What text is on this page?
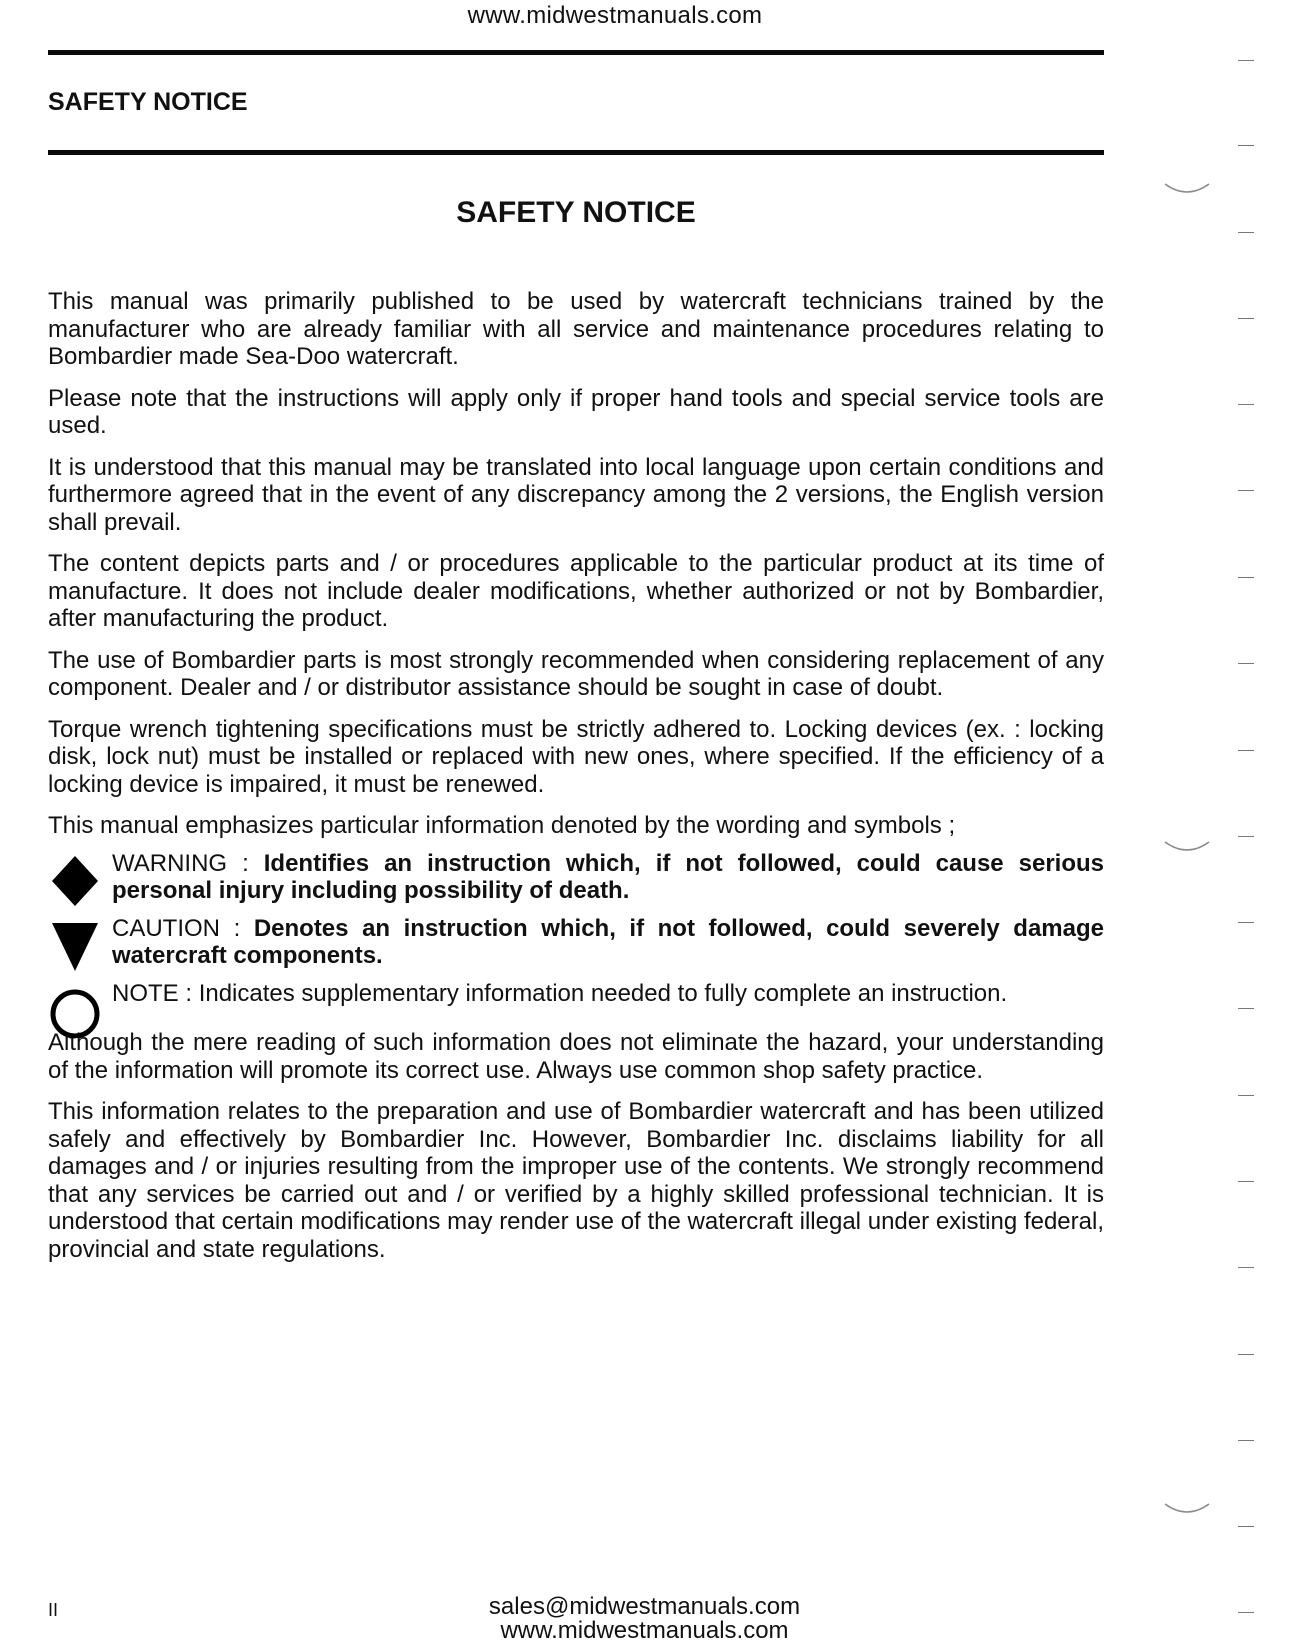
www.midwestmanuals.com
SAFETY NOTICE
SAFETY NOTICE

This manual was primarily published to be used by watercraft technicians trained by the manufacturer who are already familiar with all service and maintenance procedures relating to Bombardier made Sea-Doo watercraft.

Please note that the instructions will apply only if proper hand tools and special service tools are used.

It is understood that this manual may be translated into local language upon certain conditions and furthermore agreed that in the event of any discrepancy among the 2 versions, the English version shall prevail.

The content depicts parts and / or procedures applicable to the particular product at its time of manufacture. It does not include dealer modifications, whether authorized or not by Bombardier, after manufacturing the product.

The use of Bombardier parts is most strongly recommended when considering replacement of any component. Dealer and / or distributor assistance should be sought in case of doubt.

Torque wrench tightening specifications must be strictly adhered to. Locking devices (ex. : locking disk, lock nut) must be installed or replaced with new ones, where specified. If the efficiency of a locking device is impaired, it must be renewed.

This manual emphasizes particular information denoted by the wording and symbols ;

WARNING : Identifies an instruction which, if not followed, could cause serious personal injury including possibility of death.
CAUTION : Denotes an instruction which, if not followed, could severely damage watercraft components.
NOTE : Indicates supplementary information needed to fully complete an instruction.

Although the mere reading of such information does not eliminate the hazard, your understanding of the information will promote its correct use. Always use common shop safety practice.

This information relates to the preparation and use of Bombardier watercraft and has been utilized safely and effectively by Bombardier Inc. However, Bombardier Inc. disclaims liability for all damages and / or injuries resulting from the improper use of the contents. We strongly recommend that any services be carried out and / or verified by a highly skilled professional technician. It is understood that certain modifications may render use of the watercraft illegal under existing federal, provincial and state regulations.

II	sales@midwestmanuals.com
www.midwestmanuals.com
